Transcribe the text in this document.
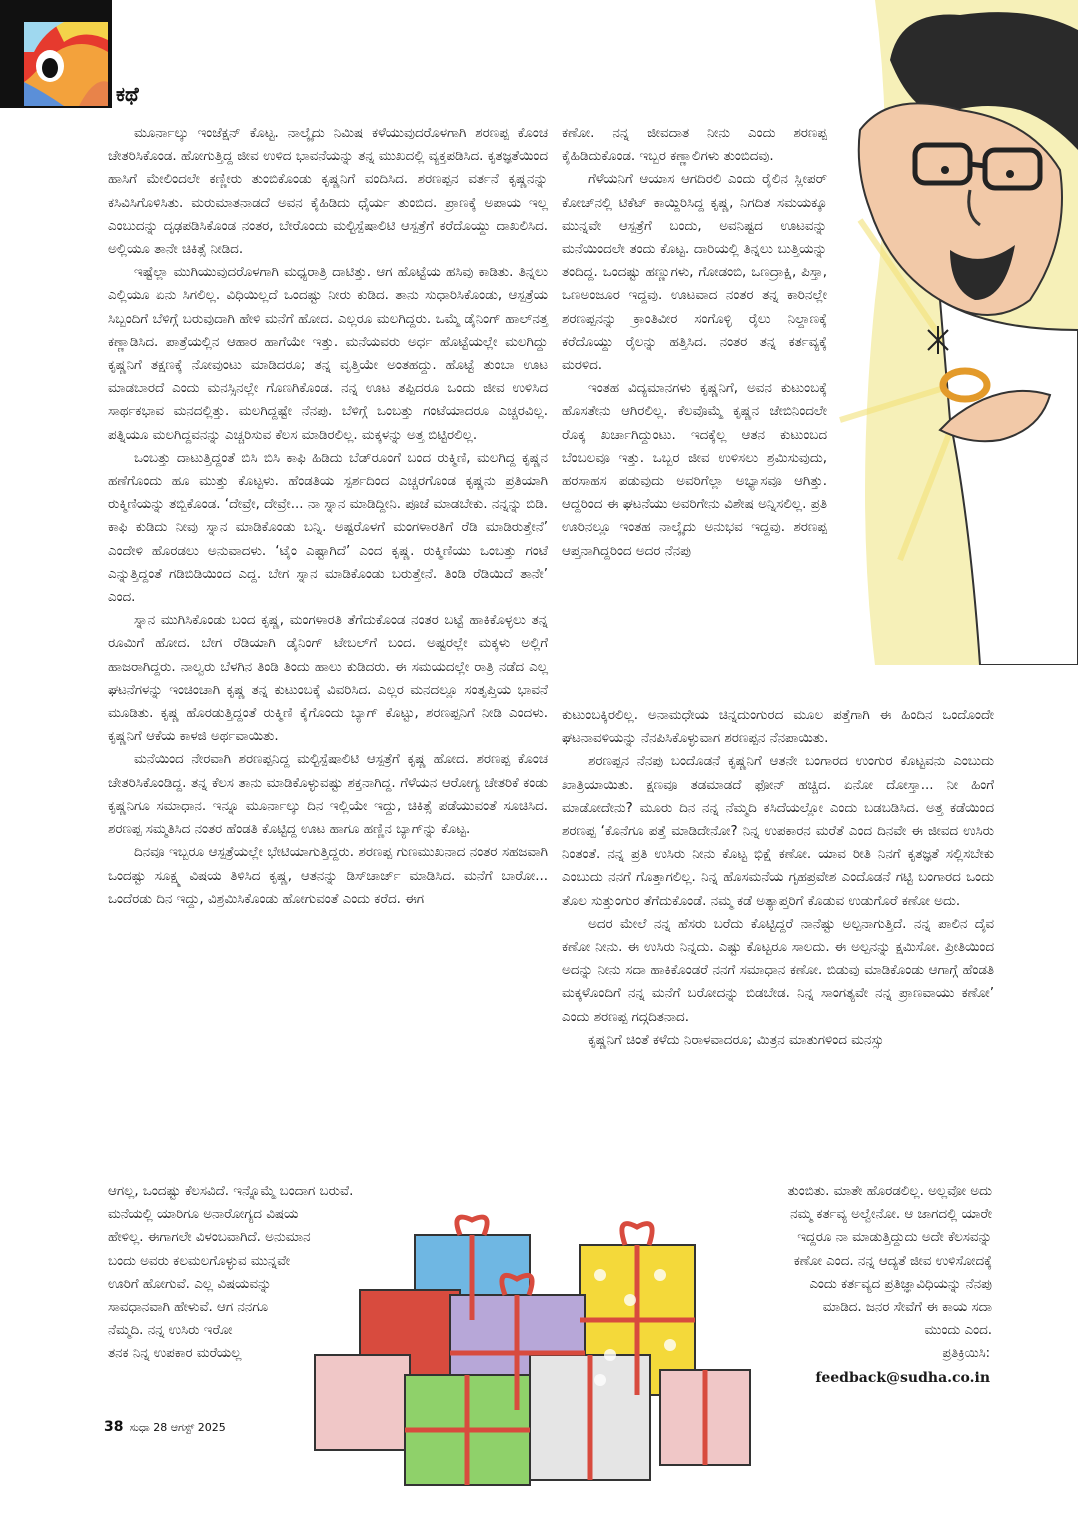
ಕಥೆ

ಮೂರ್ನಾಲ್ಕು ಇಂಜೆಕ್ಷನ್ ಕೊಟ್ಟ. ನಾಲ್ಕೈದು ನಿಮಿಷ ಕಳೆಯುವುದರೊಳಗಾಗಿ ಶರಣಪ್ಪ ಕೊಂಚ ಚೇತರಿಸಿಕೊಂಡ. ಹೋಗುತ್ತಿದ್ದ ಜೀವ ಉಳಿದ ಭಾವನೆಯನ್ನು ತನ್ನ ಮುಖದಲ್ಲಿ ವ್ಯಕ್ತಪಡಿಸಿದ. ಕೃತಜ್ಞತೆಯಿಂದ ಹಾಸಿಗೆ ಮೇಲಿಂದಲೇ ಕಣ್ಣೀರು ತುಂಬಿಕೊಂಡು ಕೃಷ್ಣನಿಗೆ ವಂದಿಸಿದ. ಶರಣಪ್ಪನ ವರ್ತನೆ ಕೃಷ್ಣನನ್ನು ಕಸಿವಿಸಿಗೊಳಿಸಿತು. ಮರುಮಾತನಾಡದೆ ಅವನ ಕೈಹಿಡಿದು ಧೈರ್ಯ ತುಂಬಿದ. ಪ್ರಾಣಕ್ಕೆ ಅಪಾಯ ಇಲ್ಲ ಎಂಬುದನ್ನು ದೃಢಪಡಿಸಿಕೊಂಡ ನಂತರ, ಬೇರೊಂದು ಮಲ್ಟಿಸ್ಪೆಷಾಲಿಟಿ ಆಸ್ಪತ್ರೆಗೆ ಕರೆದೊಯ್ದು ದಾಖಲಿಸಿದ. ಅಲ್ಲಿಯೂ ತಾನೇ ಚಿಕಿತ್ಸೆ ನೀಡಿದ.

ಇಷ್ಟೆಲ್ಲಾ ಮುಗಿಯುವುದರೊಳಗಾಗಿ ಮಧ್ಯರಾತ್ರಿ ದಾಟಿತ್ತು. ಆಗ ಹೊಟ್ಟೆಯ ಹಸಿವು ಕಾಡಿತು. ತಿನ್ನಲು ಎಲ್ಲಿಯೂ ಏನು ಸಿಗಲಿಲ್ಲ. ವಿಧಿಯಿಲ್ಲದೆ ಒಂದಷ್ಟು ನೀರು ಕುಡಿದ. ತಾನು ಸುಧಾರಿಸಿಕೊಂಡು, ಆಸ್ಪತ್ರೆಯ ಸಿಬ್ಬಂದಿಗೆ ಬೆಳಿಗ್ಗೆ ಬರುವುದಾಗಿ ಹೇಳಿ ಮನೆಗೆ ಹೋದ. ಎಲ್ಲರೂ ಮಲಗಿದ್ದರು. ಒಮ್ಮೆ ಡೈನಿಂಗ್ ಹಾಲ್‌ನತ್ತ ಕಣ್ಣಾಡಿಸಿದ. ಪಾತ್ರೆಯಲ್ಲಿನ ಆಹಾರ ಹಾಗೆಯೇ ಇತ್ತು. ಮನೆಯವರು ಅರ್ಧ ಹೊಟ್ಟೆಯಲ್ಲೇ ಮಲಗಿದ್ದು ಕೃಷ್ಣನಿಗೆ ತಕ್ಷಣಕ್ಕೆ ನೋವುಂಟು ಮಾಡಿದರೂ; ತನ್ನ ವೃತ್ತಿಯೇ ಅಂತಹದ್ದು. ಹೊಟ್ಟೆ ತುಂಬಾ ಊಟ ಮಾಡಬಾರದೆ ಎಂದು ಮನಸ್ಸಿನಲ್ಲೇ ಗೊಣಗಿಕೊಂಡ. ನನ್ನ ಊಟ ತಪ್ಪಿದರೂ ಒಂದು ಜೀವ ಉಳಿಸಿದ ಸಾರ್ಥಕಭಾವ ಮನದಲ್ಲಿತ್ತು. ಮಲಗಿದ್ದಷ್ಟೇ ನೆನಪು. ಬೆಳಿಗ್ಗೆ ಒಂಬತ್ತು ಗಂಟೆಯಾದರೂ ಎಚ್ಚರವಿಲ್ಲ. ಪತ್ನಿಯೂ ಮಲಗಿದ್ದವನನ್ನು ಎಚ್ಚರಿಸುವ ಕೆಲಸ ಮಾಡಿರಲಿಲ್ಲ. ಮಕ್ಕಳನ್ನು ಅತ್ತ ಬಿಟ್ಟಿರಲಿಲ್ಲ.

ಒಂಬತ್ತು ದಾಟುತ್ತಿದ್ದಂತೆ ಬಿಸಿ ಬಿಸಿ ಕಾಫಿ ಹಿಡಿದು ಬೆಡ್‌ರೂಂಗೆ ಬಂದ ರುಕ್ಮಿಣಿ, ಮಲಗಿದ್ದ ಕೃಷ್ಣನ ಹಣೆಗೊಂದು ಹೂ ಮುತ್ತು ಕೊಟ್ಟಳು. ಹೆಂಡತಿಯ ಸ್ಪರ್ಶದಿಂದ ಎಚ್ಚರಗೊಂಡ ಕೃಷ್ಣನು ಪ್ರತಿಯಾಗಿ ರುಕ್ಮಿಣಿಯನ್ನು ತಬ್ಬಿಕೊಂಡ. ‘ದೇವ್ರೇ, ದೇವ್ರೇ... ನಾ ಸ್ನಾನ ಮಾಡಿದ್ದೀನಿ. ಪೂಜೆ ಮಾಡಬೇಕು. ನನ್ನನ್ನು ಬಿಡಿ. ಕಾಫಿ ಕುಡಿದು ನೀವು ಸ್ನಾನ ಮಾಡಿಕೊಂಡು ಬನ್ನಿ. ಅಷ್ಟರೊಳಗೆ ಮಂಗಳಾರತಿಗೆ ರೆಡಿ ಮಾಡಿರುತ್ತೇನೆ’ ಎಂದೇಳಿ ಹೊರಡಲು ಅನುವಾದಳು. ‘ಟೈಂ ಎಷ್ಟಾಗಿದೆ’ ಎಂದ ಕೃಷ್ಣ. ರುಕ್ಮಿಣಿಯು ಒಂಬತ್ತು ಗಂಟೆ ಎನ್ನುತ್ತಿದ್ದಂತೆ ಗಡಿಬಿಡಿಯಿಂದ ಎದ್ದ. ಬೇಗ ಸ್ನಾನ ಮಾಡಿಕೊಂಡು ಬರುತ್ತೇನೆ. ತಿಂಡಿ ರೆಡಿಯಿದೆ ತಾನೇ’ ಎಂದ.

ಸ್ನಾನ ಮುಗಿಸಿಕೊಂಡು ಬಂದ ಕೃಷ್ಣ, ಮಂಗಳಾರತಿ ತೆಗೆದುಕೊಂಡ ನಂತರ ಬಟ್ಟೆ ಹಾಕಿಕೊಳ್ಳಲು ತನ್ನ ರೂಮಿಗೆ ಹೋದ. ಬೇಗ ರೆಡಿಯಾಗಿ ಡೈನಿಂಗ್ ಟೇಬಲ್‌ಗೆ ಬಂದ. ಅಷ್ಟರಲ್ಲೇ ಮಕ್ಕಳು ಅಲ್ಲಿಗೆ ಹಾಜರಾಗಿದ್ದರು. ನಾಲ್ವರು ಬೆಳಗಿನ ತಿಂಡಿ ತಿಂದು ಹಾಲು ಕುಡಿದರು. ಈ ಸಮಯದಲ್ಲೇ ರಾತ್ರಿ ನಡೆದ ಎಲ್ಲ ಘಟನೆಗಳನ್ನು ಇಂಚಿಂಚಾಗಿ ಕೃಷ್ಣ ತನ್ನ ಕುಟುಂಬಕ್ಕೆ ವಿವರಿಸಿದ. ಎಲ್ಲರ ಮನದಲ್ಲೂ ಸಂತೃಪ್ತಿಯ ಭಾವನೆ ಮೂಡಿತು. ಕೃಷ್ಣ ಹೊರಡುತ್ತಿದ್ದಂತೆ ರುಕ್ಮಿಣಿ ಕೈಗೊಂದು ಬ್ಯಾಗ್ ಕೊಟ್ಟು, ಶರಣಪ್ಪನಿಗೆ ನೀಡಿ ಎಂದಳು. ಕೃಷ್ಣನಿಗೆ ಆಕೆಯ ಕಾಳಜಿ ಅರ್ಥವಾಯಿತು.

ಮನೆಯಿಂದ ನೇರವಾಗಿ ಶರಣಪ್ಪನಿದ್ದ ಮಲ್ಟಿಸ್ಪೆಷಾಲಿಟಿ ಆಸ್ಪತ್ರೆಗೆ ಕೃಷ್ಣ ಹೋದ. ಶರಣಪ್ಪ ಕೊಂಚ ಚೇತರಿಸಿಕೊಂಡಿದ್ದ. ತನ್ನ ಕೆಲಸ ತಾನು ಮಾಡಿಕೊಳ್ಳುವಷ್ಟು ಶಕ್ತನಾಗಿದ್ದ. ಗೆಳೆಯನ ಆರೋಗ್ಯ ಚೇತರಿಕೆ ಕಂಡು ಕೃಷ್ಣನಿಗೂ ಸಮಾಧಾನ. ಇನ್ನೂ ಮೂರ್ನಾಲ್ಕು ದಿನ ಇಲ್ಲಿಯೇ ಇದ್ದು, ಚಿಕಿತ್ಸೆ ಪಡೆಯುವಂತೆ ಸೂಚಿಸಿದ. ಶರಣಪ್ಪ ಸಮ್ಮತಿಸಿದ ನಂತರ ಹೆಂಡತಿ ಕೊಟ್ಟಿದ್ದ ಊಟ ಹಾಗೂ ಹಣ್ಣಿನ ಬ್ಯಾಗ್‌ನ್ನು ಕೊಟ್ಟ.

ದಿನವೂ ಇಬ್ಬರೂ ಆಸ್ಪತ್ರೆಯಲ್ಲೇ ಭೇಟಿಯಾಗುತ್ತಿದ್ದರು. ಶರಣಪ್ಪ ಗುಣಮುಖನಾದ ನಂತರ ಸಹಜವಾಗಿ ಒಂದಷ್ಟು ಸೂಕ್ಷ್ಮ ವಿಷಯ ತಿಳಿಸಿದ ಕೃಷ್ಣ, ಆತನನ್ನು ಡಿಸ್‌ಚಾರ್ಜ್ ಮಾಡಿಸಿದ. ಮನೆಗೆ ಬಾರೋ... ಒಂದೆರಡು ದಿನ ಇದ್ದು, ವಿಶ್ರಮಿಸಿಕೊಂಡು ಹೋಗುವಂತೆ ಎಂದು ಕರೆದ. ಈಗ

ಆಗಲ್ಲ, ಒಂದಷ್ಟು ಕೆಲಸವಿದೆ. ಇನ್ನೊಮ್ಮೆ ಬಂದಾಗ ಬರುವೆ.
ಮನೆಯಲ್ಲಿ ಯಾರಿಗೂ ಅನಾರೋಗ್ಯದ ವಿಷಯ
ಹೇಳಿಲ್ಲ. ಈಗಾಗಲೇ ವಿಳಂಬವಾಗಿದೆ. ಅನುಮಾನ
ಬಂದು ಅವರು ಕಲಮಲಗೊಳ್ಳುವ ಮುನ್ನವೇ
ಊರಿಗೆ ಹೋಗುವೆ. ಎಲ್ಲ ವಿಷಯವನ್ನು
ಸಾವಧಾನವಾಗಿ ಹೇಳುವೆ. ಆಗ ನನಗೂ
ನೆಮ್ಮದಿ. ನನ್ನ ಉಸಿರು ಇರೋ
ತನಕ ನಿನ್ನ ಉಪಕಾರ ಮರೆಯಲ್ಲ

ಕಣೋ. ನನ್ನ ಜೀವದಾತ ನೀನು ಎಂದು ಶರಣಪ್ಪ ಕೈಹಿಡಿದುಕೊಂಡ. ಇಬ್ಬರ ಕಣ್ಣಾಲಿಗಳು ತುಂಬಿದವು.

ಗೆಳೆಯನಿಗೆ ಆಯಾಸ ಆಗದಿರಲಿ ಎಂದು ರೈಲಿನ ಸ್ಲೀಪರ್ ಕೋಚ್‌ನಲ್ಲಿ ಟಿಕೆಟ್ ಕಾಯ್ದಿರಿಸಿದ್ದ ಕೃಷ್ಣ, ನಿಗದಿತ ಸಮಯಕ್ಕೂ ಮುನ್ನವೇ ಆಸ್ಪತ್ರೆಗೆ ಬಂದು, ಅವನಿಷ್ಟದ ಊಟವನ್ನು ಮನೆಯಿಂದಲೇ ತಂದು ಕೊಟ್ಟ. ದಾರಿಯಲ್ಲಿ ತಿನ್ನಲು ಬುತ್ತಿಯನ್ನು ತಂದಿದ್ದ. ಒಂದಷ್ಟು ಹಣ್ಣುಗಳು, ಗೋಡಂಬಿ, ಒಣದ್ರಾಕ್ಷಿ, ಪಿಸ್ತಾ, ಒಣಅಂಜೂರ ಇದ್ದವು. ಊಟವಾದ ನಂತರ ತನ್ನ ಕಾರಿನಲ್ಲೇ ಶರಣಪ್ಪನನ್ನು ಕ್ರಾಂತಿವೀರ ಸಂಗೊಳ್ಳಿ ರೈಲು ನಿಲ್ದಾಣಕ್ಕೆ ಕರೆದೊಯ್ದು ರೈಲನ್ನು ಹತ್ತಿಸಿದ. ನಂತರ ತನ್ನ ಕರ್ತವ್ಯಕ್ಕೆ ಮರಳಿದ.

ಇಂತಹ ವಿದ್ಯಮಾನಗಳು ಕೃಷ್ಣನಿಗೆ, ಅವನ ಕುಟುಂಬಕ್ಕೆ ಹೊಸತೇನು ಆಗಿರಲಿಲ್ಲ. ಕೆಲವೊಮ್ಮೆ ಕೃಷ್ಣನ ಜೇಬಿನಿಂದಲೇ ರೊಕ್ಕ ಖರ್ಚಾಗಿದ್ದುಂಟು. ಇದಕ್ಕೆಲ್ಲ ಆತನ ಕುಟುಂಬದ ಬೆಂಬಲವೂ ಇತ್ತು. ಒಬ್ಬರ ಜೀವ ಉಳಿಸಲು ಶ್ರಮಿಸುವುದು, ಹರಸಾಹಸ ಪಡುವುದು ಅವರಿಗೆಲ್ಲಾ ಅಭ್ಯಾಸವೂ ಆಗಿತ್ತು. ಆದ್ದರಿಂದ ಈ ಘಟನೆಯು ಅವರಿಗೇನು ವಿಶೇಷ ಅನ್ನಿಸಲಿಲ್ಲ. ಪ್ರತಿ ಊರಿನಲ್ಲೂ ಇಂತಹ ನಾಲ್ಕೈದು ಅನುಭವ ಇದ್ದವು. ಶರಣಪ್ಪ ಆಪ್ತನಾಗಿದ್ದರಿಂದ ಅದರ ನೆನಪು

ಕುಟುಂಬಕ್ಕಿರಲಿಲ್ಲ. ಅನಾಮಧೇಯ ಚಿನ್ನದುಂಗುರದ ಮೂಲ ಪತ್ತೆಗಾಗಿ ಈ ಹಿಂದಿನ ಒಂದೊಂದೇ ಘಟನಾವಳಿಯನ್ನು ನೆನಪಿಸಿಕೊಳ್ಳುವಾಗ ಶರಣಪ್ಪನ ನೆನಪಾಯಿತು.

ಶರಣಪ್ಪನ ನೆನಪು ಬಂದೊಡನೆ ಕೃಷ್ಣನಿಗೆ ಆತನೇ ಬಂಗಾರದ ಉಂಗುರ ಕೊಟ್ಟವನು ಎಂಬುದು ಖಾತ್ರಿಯಾಯಿತು. ಕ್ಷಣವೂ ತಡಮಾಡದೆ ಫೋನ್ ಹಚ್ಚಿದ. ಏನೋ ದೋಸ್ತಾ... ನೀ ಹಿಂಗೆ ಮಾಡೋದೇನು? ಮೂರು ದಿನ ನನ್ನ ನೆಮ್ಮದಿ ಕಸಿದೆಯಲ್ಲೋ ಎಂದು ಬಡಬಡಿಸಿದ. ಅತ್ತ ಕಡೆಯಿಂದ ಶರಣಪ್ಪ ‘ಕೊನೆಗೂ ಪತ್ತೆ ಮಾಡಿದೇನೋ? ನಿನ್ನ ಉಪಕಾರನ ಮರೆತೆ ಎಂದ ದಿನವೇ ಈ ಜೀವದ ಉಸಿರು ನಿಂತಂತೆ. ನನ್ನ ಪ್ರತಿ ಉಸಿರು ನೀನು ಕೊಟ್ಟ ಭಿಕ್ಷೆ ಕಣೋ. ಯಾವ ರೀತಿ ನಿನಗೆ ಕೃತಜ್ಞತೆ ಸಲ್ಲಿಸಬೇಕು ಎಂಬುದು ನನಗೆ ಗೊತ್ತಾಗಲಿಲ್ಲ. ನಿನ್ನ ಹೊಸಮನೆಯ ಗೃಹಪ್ರವೇಶ ಎಂದೊಡನೆ ಗಟ್ಟಿ ಬಂಗಾರದ ಒಂದು ತೊಲ ಸುತ್ತುಂಗುರ ತೆಗೆದುಕೊಂಡೆ. ನಮ್ಮ ಕಡೆ ಅತ್ಯಾಪ್ತರಿಗೆ ಕೊಡುವ ಉಡುಗೊರೆ ಕಣೋ ಅದು.

ಅದರ ಮೇಲೆ ನನ್ನ ಹೆಸರು ಬರೆದು ಕೊಟ್ಟಿದ್ದರೆ ನಾನೆಷ್ಟು ಅಲ್ಪನಾಗುತ್ತಿದೆ. ನನ್ನ ಪಾಲಿನ ದೈವ ಕಣೋ ನೀನು. ಈ ಉಸಿರು ನಿನ್ನದು. ಎಷ್ಟು ಕೊಟ್ಟರೂ ಸಾಲದು. ಈ ಅಲ್ಪನನ್ನು ಕ್ಷಮಿಸೋ. ಪ್ರೀತಿಯಿಂದ ಅದನ್ನು ನೀನು ಸದಾ ಹಾಕಿಕೊಂಡರೆ ನನಗೆ ಸಮಾಧಾನ ಕಣೋ. ಬಿಡುವು ಮಾಡಿಕೊಂಡು ಆಗಾಗ್ಗೆ ಹೆಂಡತಿ ಮಕ್ಕಳೊಂದಿಗೆ ನನ್ನ ಮನೆಗೆ ಬರೋದನ್ನು ಬಿಡಬೇಡ. ನಿನ್ನ ಸಾಂಗತ್ಯವೇ ನನ್ನ ಪ್ರಾಣವಾಯು ಕಣೋ’ ಎಂದು ಶರಣಪ್ಪ ಗದ್ಗದಿತನಾದ.

ಕೃಷ್ಣನಿಗೆ ಚಿಂತೆ ಕಳೆದು ನಿರಾಳವಾದರೂ; ಮಿತ್ರನ ಮಾತುಗಳಿಂದ ಮನಸ್ಸು

ತುಂಬಿತು. ಮಾತೇ ಹೊರಡಲಿಲ್ಲ. ಅಲ್ಲವೋ ಅದು
ನಮ್ಮ ಕರ್ತವ್ಯ ಅಲ್ವೇನೋ. ಆ ಜಾಗದಲ್ಲಿ ಯಾರೇ
ಇದ್ದರೂ ನಾ ಮಾಡುತ್ತಿದ್ದುದು ಅದೇ ಕೆಲಸವನ್ನು
ಕಣೋ ಎಂದ. ನನ್ನ ಆದ್ಯತೆ ಜೀವ ಉಳಿಸೋದಕ್ಕೆ
ಎಂದು ಕರ್ತವ್ಯದ ಪ್ರತಿಜ್ಞಾವಿಧಿಯನ್ನು ನೆನಪು
ಮಾಡಿದ. ಜನರ ಸೇವೆಗೆ ಈ ಕಾಯ ಸದಾ
ಮುಂದು ಎಂದ.
ಪ್ರತಿಕ್ರಿಯಿಸಿ:
feedback@sudha.co.in
38 ಸುಧಾ 28 ಆಗಸ್ಟ್ 2025
